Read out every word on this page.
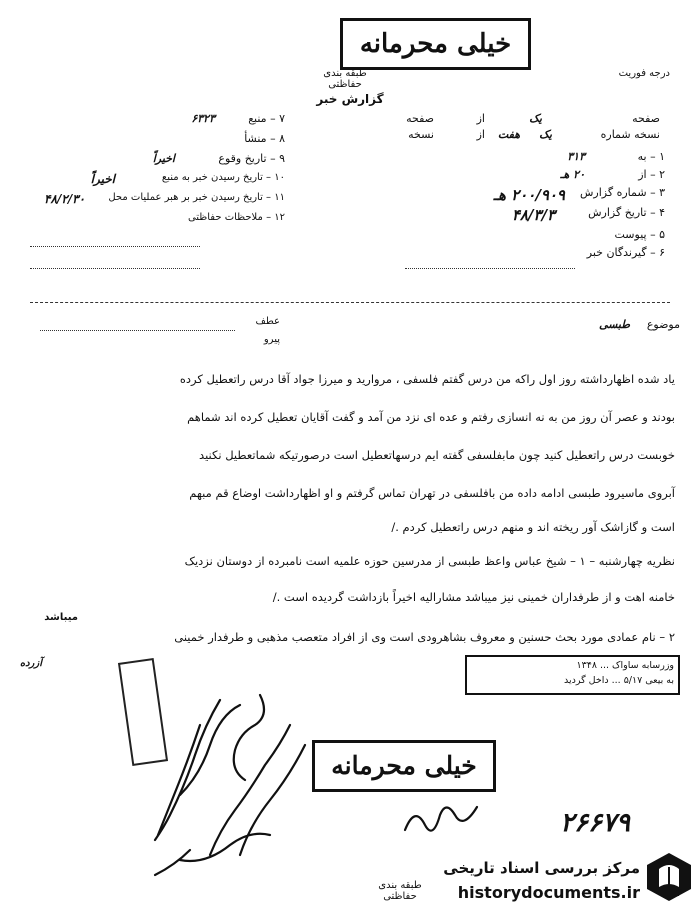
خیلی محرمانه
طبقه بندی حفاظتی
درجه فوریت
گزارش خبر
صفحه
یک
از
صفحه
نسخه شماره
یک
از هفت
نسخه
۱ – به
۳۱۳
۲ – از
۲۰ هـ
۳ – شماره گزارش
۲۰۰/۹۰۹ هـ
۴ – تاریخ گزارش
۴۸/۳/۳
۵ – پیوست
۶ – گیرندگان خبر
۷ – منبع
۶۳۲۳
۸ – منشأ
۹ – تاریخ وقوع
اخیراً
۱۰ – تاریخ رسیدن خبر به منبع
اخیراً
۱۱ – تاریخ رسیدن خبر بر هبر عملیات محل
۴۸/۲/۳۰
۱۲ – ملاحظات حفاظتی
موضوع
طبسی
عطف
پیرو
یاد شده اظهارداشته روز اول راکه من درس گفتم فلسفی ، مروارید و میرزا جواد آقا درس راتعطیل کرده
بودند و عصر آن روز من به نه انسازی رفتم و عده ای نزد من آمد و گفت آقایان تعطیل کرده اند شماهم
خوبست درس راتعطیل کنید چون مابفلسفی گفته ایم درسهاتعطیل است درصورتیکه شماتعطیل نکنید
آبروی ماسیرود طبسی ادامه داده من بافلسفی در تهران تماس گرفتم و او اظهارداشت اوضاع قم مبهم
است و گازاشک آور ریخته اند و منهم درس راتعطیل کردم ./
نظریه چهارشنبه – ۱ – شیخ عباس واعظ طبسی از مدرسین حوزه علمیه است نامبرده از دوستان نزدیک
خامنه اهت و از طرفداران خمینی نیز میباشد مشارالیه اخیراً بازداشت گردیده است ./
۲ – نام عمادی مورد بحث حسنین و معروف بشاهرودی است وی از افراد متعصب مذهبی و طرفدار خمینی
میباشد
آزرده	وزرسابه ساواک ... ۱۳۴۸
به بیعی ۵/۱۷ ... داخل گردید
خیلی محرمانه
۲۶۶۷۹
طبقه بندی حفاظتی
مرکز بررسی اسناد تاریخی
historydocuments.ir	۳
